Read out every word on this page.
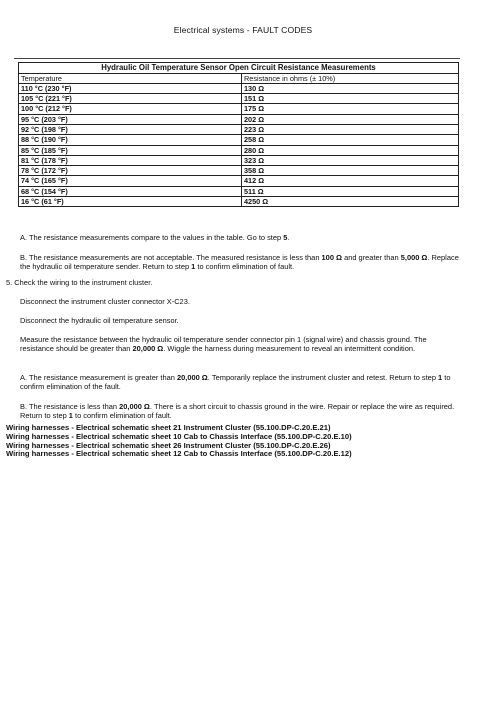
Electrical systems - FAULT CODES
Hydraulic Oil Temperature Sensor Open Circuit Resistance Measurements	
Temperature	Resistance in ohms (± 10%)
110 °C (230 °F)	130 Ω
105 °C (221 °F)	151 Ω
100 °C (212 °F)	175 Ω
95 °C (203 °F)	202 Ω
92 °C (198 °F)	223 Ω
88 °C (190 °F)	258 Ω
85 °C (185 °F)	280 Ω
81 °C (178 °F)	323 Ω
78 °C (172 °F)	358 Ω
74 °C (165 °F)	412 Ω
68 °C (154 °F)	511 Ω
16 °C (61 °F)	4250 Ω
A. The resistance measurements compare to the values in the table. Go to step 5.
B. The resistance measurements are not acceptable. The measured resistance is less than 100 Ω and greater than 5,000 Ω. Replace the hydraulic oil temperature sender. Return to step 1 to confirm elimination of fault.
5. Check the wiring to the instrument cluster.
Disconnect the instrument cluster connector X-C23.
Disconnect the hydraulic oil temperature sensor.
Measure the resistance between the hydraulic oil temperature sender connector pin 1 (signal wire) and chassis ground. The resistance should be greater than 20,000 Ω. Wiggle the harness during measurement to reveal an intermittent condition.
A. The resistance measurement is greater than 20,000 Ω. Temporarily replace the instrument cluster and retest. Return to step 1 to confirm elimination of the fault.
B. The resistance is less than 20,000 Ω. There is a short circuit to chassis ground in the wire. Repair or replace the wire as required. Return to step 1 to confirm elimination of fault.
Wiring harnesses - Electrical schematic sheet 21 Instrument Cluster (55.100.DP-C.20.E.21)
Wiring harnesses - Electrical schematic sheet 10 Cab to Chassis Interface (55.100.DP-C.20.E.10)
Wiring harnesses - Electrical schematic sheet 26 Instrument Cluster (55.100.DP-C.20.E.26)
Wiring harnesses - Electrical schematic sheet 12 Cab to Chassis Interface (55.100.DP-C.20.E.12)
